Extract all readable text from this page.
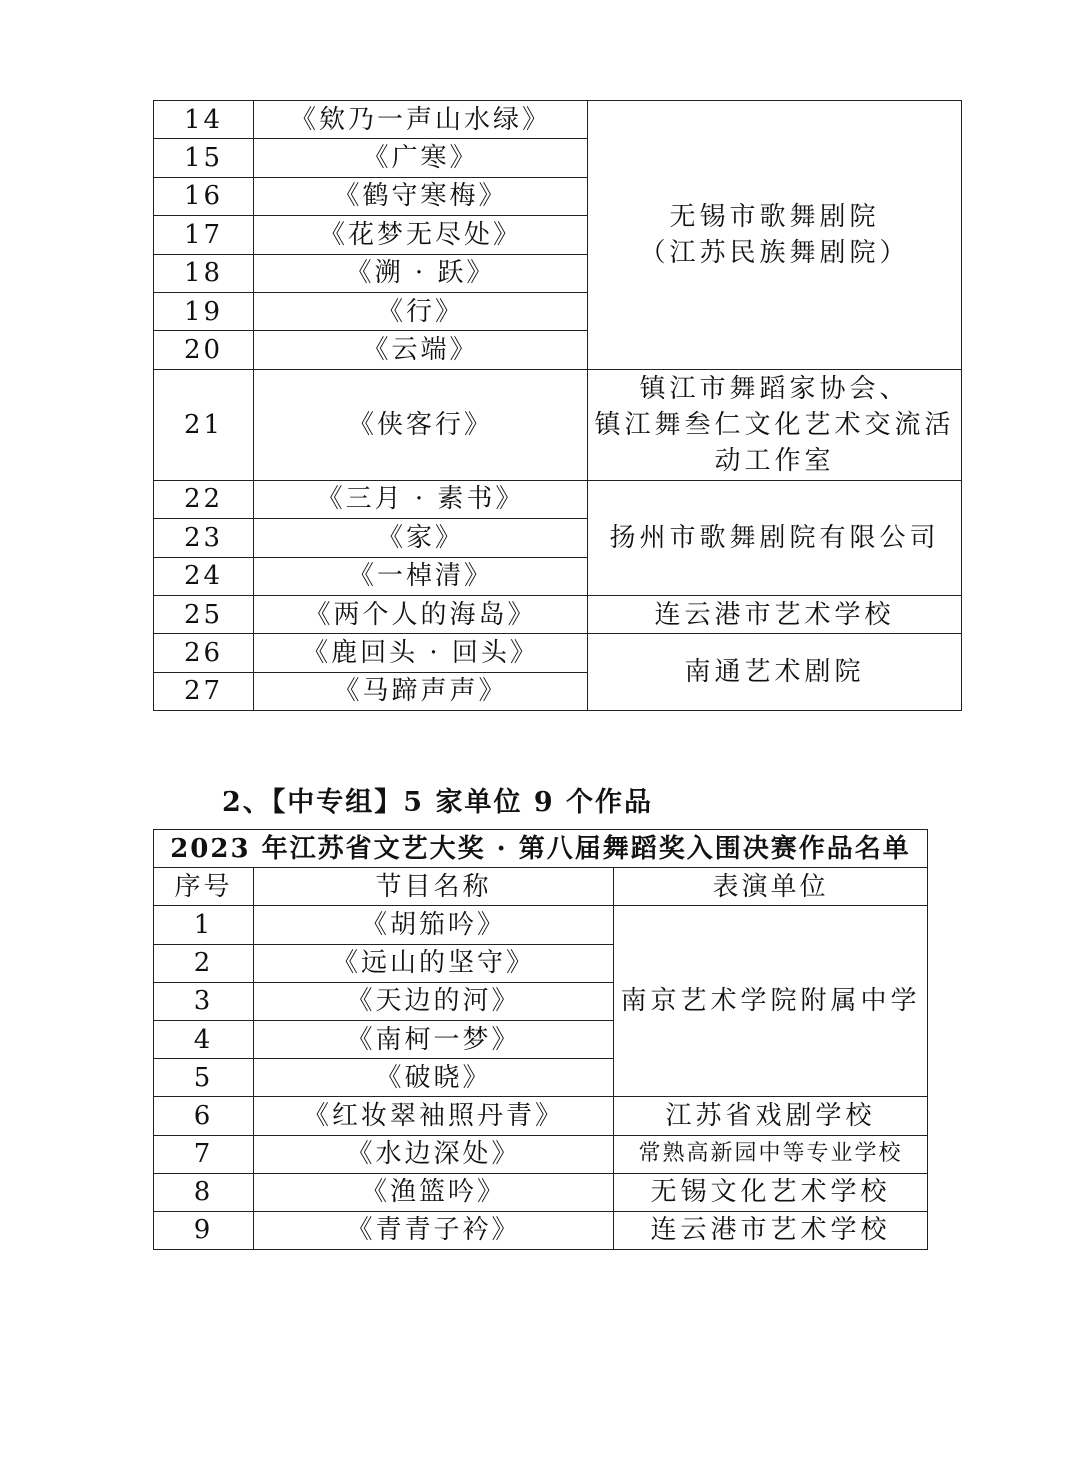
14	《欸乃一声山水绿》	无锡市歌舞剧院
（江苏民族舞剧院）

15	《广寒》	
16	《鹤守寒梅》	
17	《花梦无尽处》	
18	《溯 · 跃》	
19	《行》	
20	《云端》	
21	《侠客行》	镇江市舞蹈家协会、
镇江舞叁仁文化艺术交流活
动工作室

22	《三月 · 素书》	扬州市歌舞剧院有限公司
23	《家》	
24	《一棹清》	
25	《两个人的海岛》	连云港市艺术学校
26	《鹿回头 · 回头》	南通艺术剧院
27	《马蹄声声》	
2、【中专组】5 家单位 9 个作品
2023 年江苏省文艺大奖 · 第八届舞蹈奖入围决赛作品名单		
序号	节目名称	表演单位
1	《胡笳吟》	南京艺术学院附属中学
2	《远山的坚守》	
3	《天边的河》	
4	《南柯一梦》	
5	《破晓》	
6	《红妆翠袖照丹青》	江苏省戏剧学校
7	《水边深处》	常熟高新园中等专业学校
8	《渔篮吟》	无锡文化艺术学校
9	《青青子衿》	连云港市艺术学校
